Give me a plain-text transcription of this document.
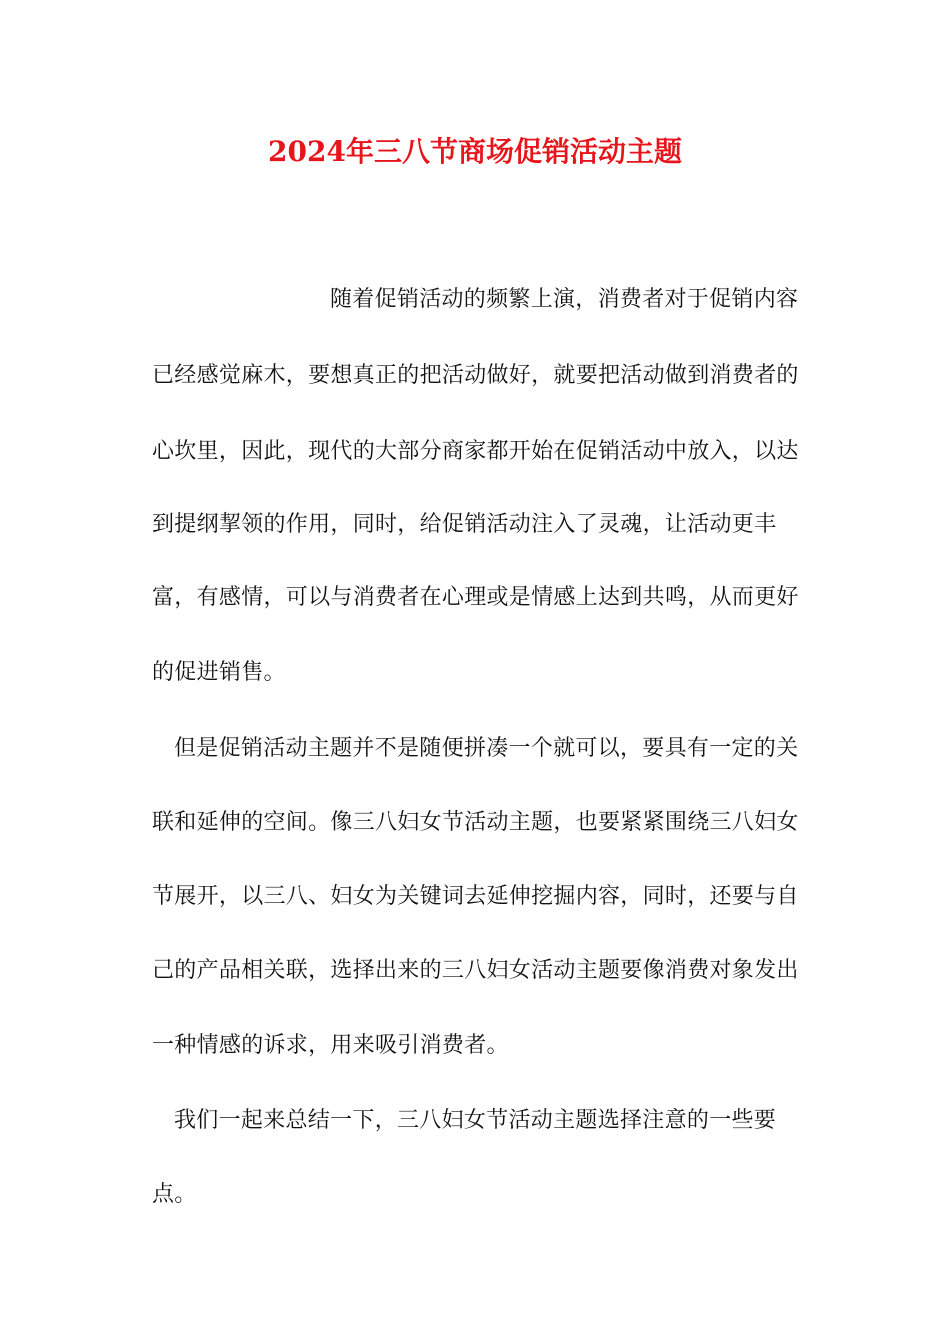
2024年三八节商场促销活动主题
随着促销活动的频繁上演，消费者对于促销内容
已经感觉麻木，要想真正的把活动做好，就要把活动做到消费者的
心坎里，因此，现代的大部分商家都开始在促销活动中放入，以达
到提纲挈领的作用，同时，给促销活动注入了灵魂，让活动更丰
富，有感情，可以与消费者在心理或是情感上达到共鸣，从而更好
的促进销售。
但是促销活动主题并不是随便拼凑一个就可以，要具有一定的关
联和延伸的空间。像三八妇女节活动主题，也要紧紧围绕三八妇女
节展开，以三八、妇女为关键词去延伸挖掘内容，同时，还要与自
己的产品相关联，选择出来的三八妇女活动主题要像消费对象发出
一种情感的诉求，用来吸引消费者。
我们一起来总结一下，三八妇女节活动主题选择注意的一些要
点。
